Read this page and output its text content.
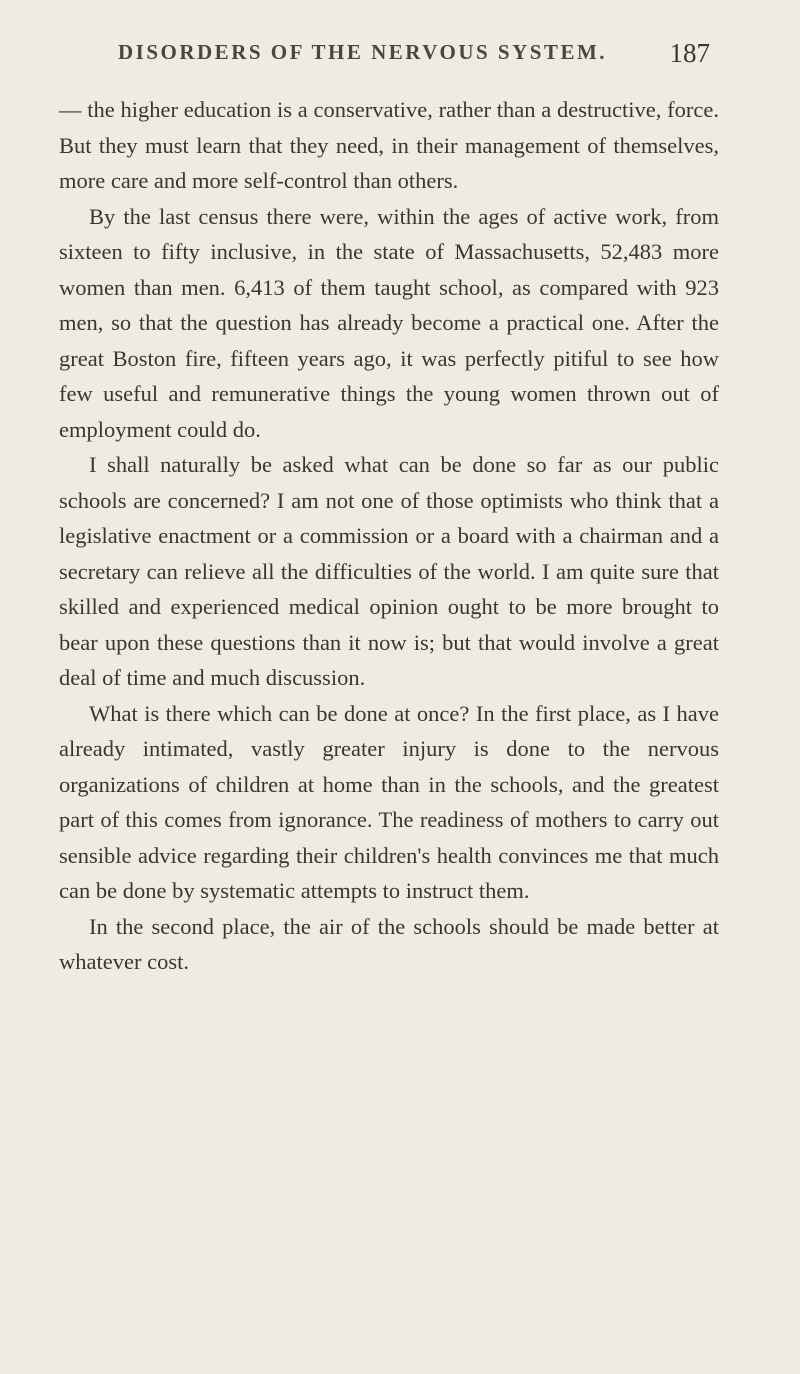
DISORDERS OF THE NERVOUS SYSTEM. 187

— the higher education is a conservative, rather than a destructive, force. But they must learn that they need, in their management of themselves, more care and more self-control than others.

By the last census there were, within the ages of active work, from sixteen to fifty inclusive, in the state of Massachusetts, 52,483 more women than men. 6,413 of them taught school, as compared with 923 men, so that the question has already become a practical one. After the great Boston fire, fifteen years ago, it was perfectly pitiful to see how few useful and remunerative things the young women thrown out of employment could do.

I shall naturally be asked what can be done so far as our public schools are concerned? I am not one of those optimists who think that a legislative enactment or a commission or a board with a chairman and a secretary can relieve all the difficulties of the world. I am quite sure that skilled and experienced medical opinion ought to be more brought to bear upon these questions than it now is; but that would involve a great deal of time and much discussion.

What is there which can be done at once? In the first place, as I have already intimated, vastly greater injury is done to the nervous organizations of children at home than in the schools, and the greatest part of this comes from ignorance. The readiness of mothers to carry out sensible advice regarding their children's health convinces me that much can be done by systematic attempts to instruct them.

In the second place, the air of the schools should be made better at whatever cost.
